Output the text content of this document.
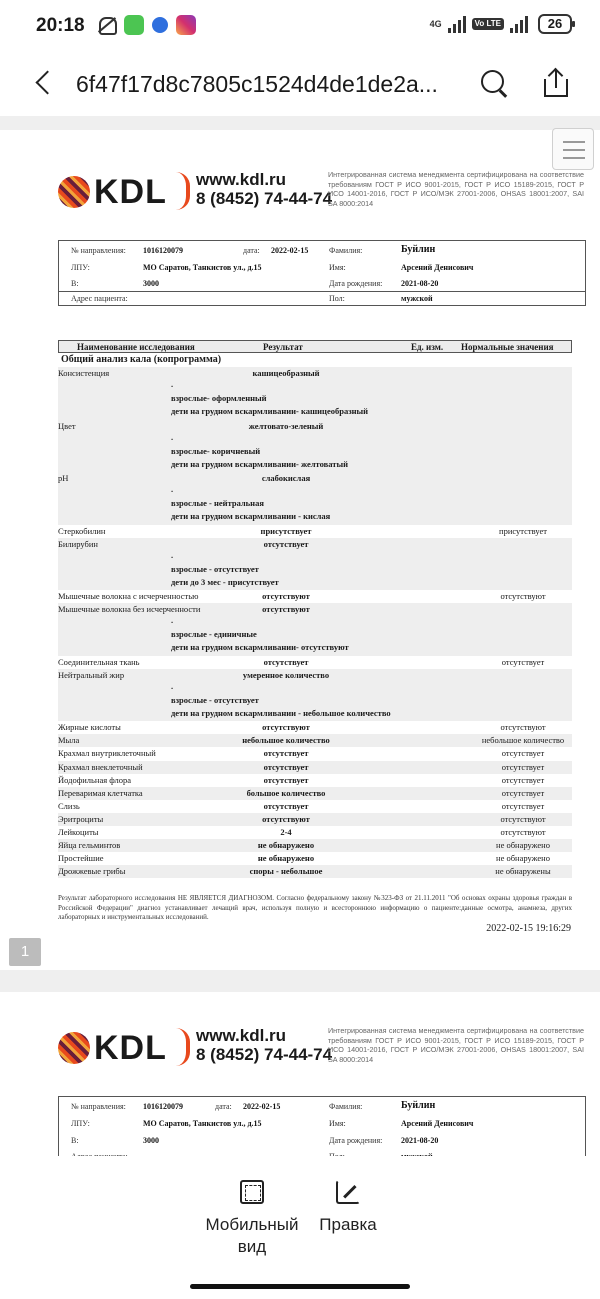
20:18	4G	Vo LTE	26
6f47f17d8c7805c1524d4de1de2a...
KDL www.kdl.ru
8 (8452) 74-44-74
Интегрированная система менеджмента сертифицирована на соответствие требованиям ГОСТ Р ИСО 9001-2015, ГОСТ Р ИСО 15189-2015, ГОСТ Р ИСО 14001-2016, ГОСТ Р ИСО/МЭК 27001-2006, OHSAS 18001:2007, SAI SA 8000:2014
№ направления: 1016120079	дата: 2022-02-15	Фамилия:	Буйлин
ЛПУ:	МО Саратов, Танкистов ул., д.15	Имя:	Арсений Денисович
В:	3000	Дата рождения: 2021-08-20
Адрес пациента:	Пол:	мужской
Наименование исследования	Результат	Ед. изм. Нормальные значения
Общий анализ кала (копрограмма)
Консистенция	кашицеобразный
.
взрослые- оформленный
дети на грудном вскармливании- кашицеобразный
Цвет	желтовато-зеленый
.
взрослые- коричневый
дети на грудном вскармливании- желтоватый
pH	слабокислая
.
взрослые - нейтральная
дети на грудном вскармливании - кислая
Стеркобилин	присутствует	присутствует
Билирубин	отсутствует
.
взрослые - отсутствует
дети до 3 мес - присутствует
Мышечные волокна с исчерченностью	отсутствуют	отсутствуют
Мышечные волокна без исчерченности	отсутствуют
.
взрослые - единичные
дети на грудном вскармливании- отсутствуют
Соединительная ткань	отсутствует	отсутствует
Нейтральный жир	умеренное количество
.
взрослые - отсутствует
дети на грудном вскармливании - небольшое количество
Жирные кислоты	отсутствуют	отсутствуют
Мыла	небольшое количество	небольшое количество
Крахмал внутриклеточный	отсутствует	отсутствует
Крахмал внеклеточный	отсутствует	отсутствует
Йодофильная флора	отсутствует	отсутствует
Переваримая клетчатка	большое количество	отсутствует
Слизь	отсутствует	отсутствует
Эритроциты	отсутствуют	отсутствуют
Лейкоциты	2-4	отсутствуют
Яйца гельминтов	не обнаружено	не обнаружено
Простейшие	не обнаружено	не обнаружено
Дрожжевые грибы	споры - небольшое	не обнаружены
Результат лабораторного исследования НЕ ЯВЛЯЕТСЯ ДИАГНОЗОМ. Согласно федеральному закону №323-ФЗ от 21.11.2011 "Об основах охраны здоровья граждан в Российской Федерации" диагноз устанавливает лечащий врач, используя полную и всестороннюю информацию о пациенте:данные осмотра, анамнеза, других лабораторных и инструментальных исследований.
2022-02-15 19:16:29
1
KDL www.kdl.ru
8 (8452) 74-44-74
Интегрированная система менеджмента сертифицирована на соответствие требованиям ГОСТ Р ИСО 9001-2015, ГОСТ Р ИСО 15189-2015, ГОСТ Р ИСО 14001-2016, ГОСТ Р ИСО/МЭК 27001-2006, OHSAS 18001:2007, SAI SA 8000:2014
№ направления: 1016120079	дата: 2022-02-15	Фамилия:	Буйлин
ЛПУ:	МО Саратов, Танкистов ул., д.15	Имя:	Арсений Денисович
В:	3000	Дата рождения: 2021-08-20
Мобильный вид
Правка
